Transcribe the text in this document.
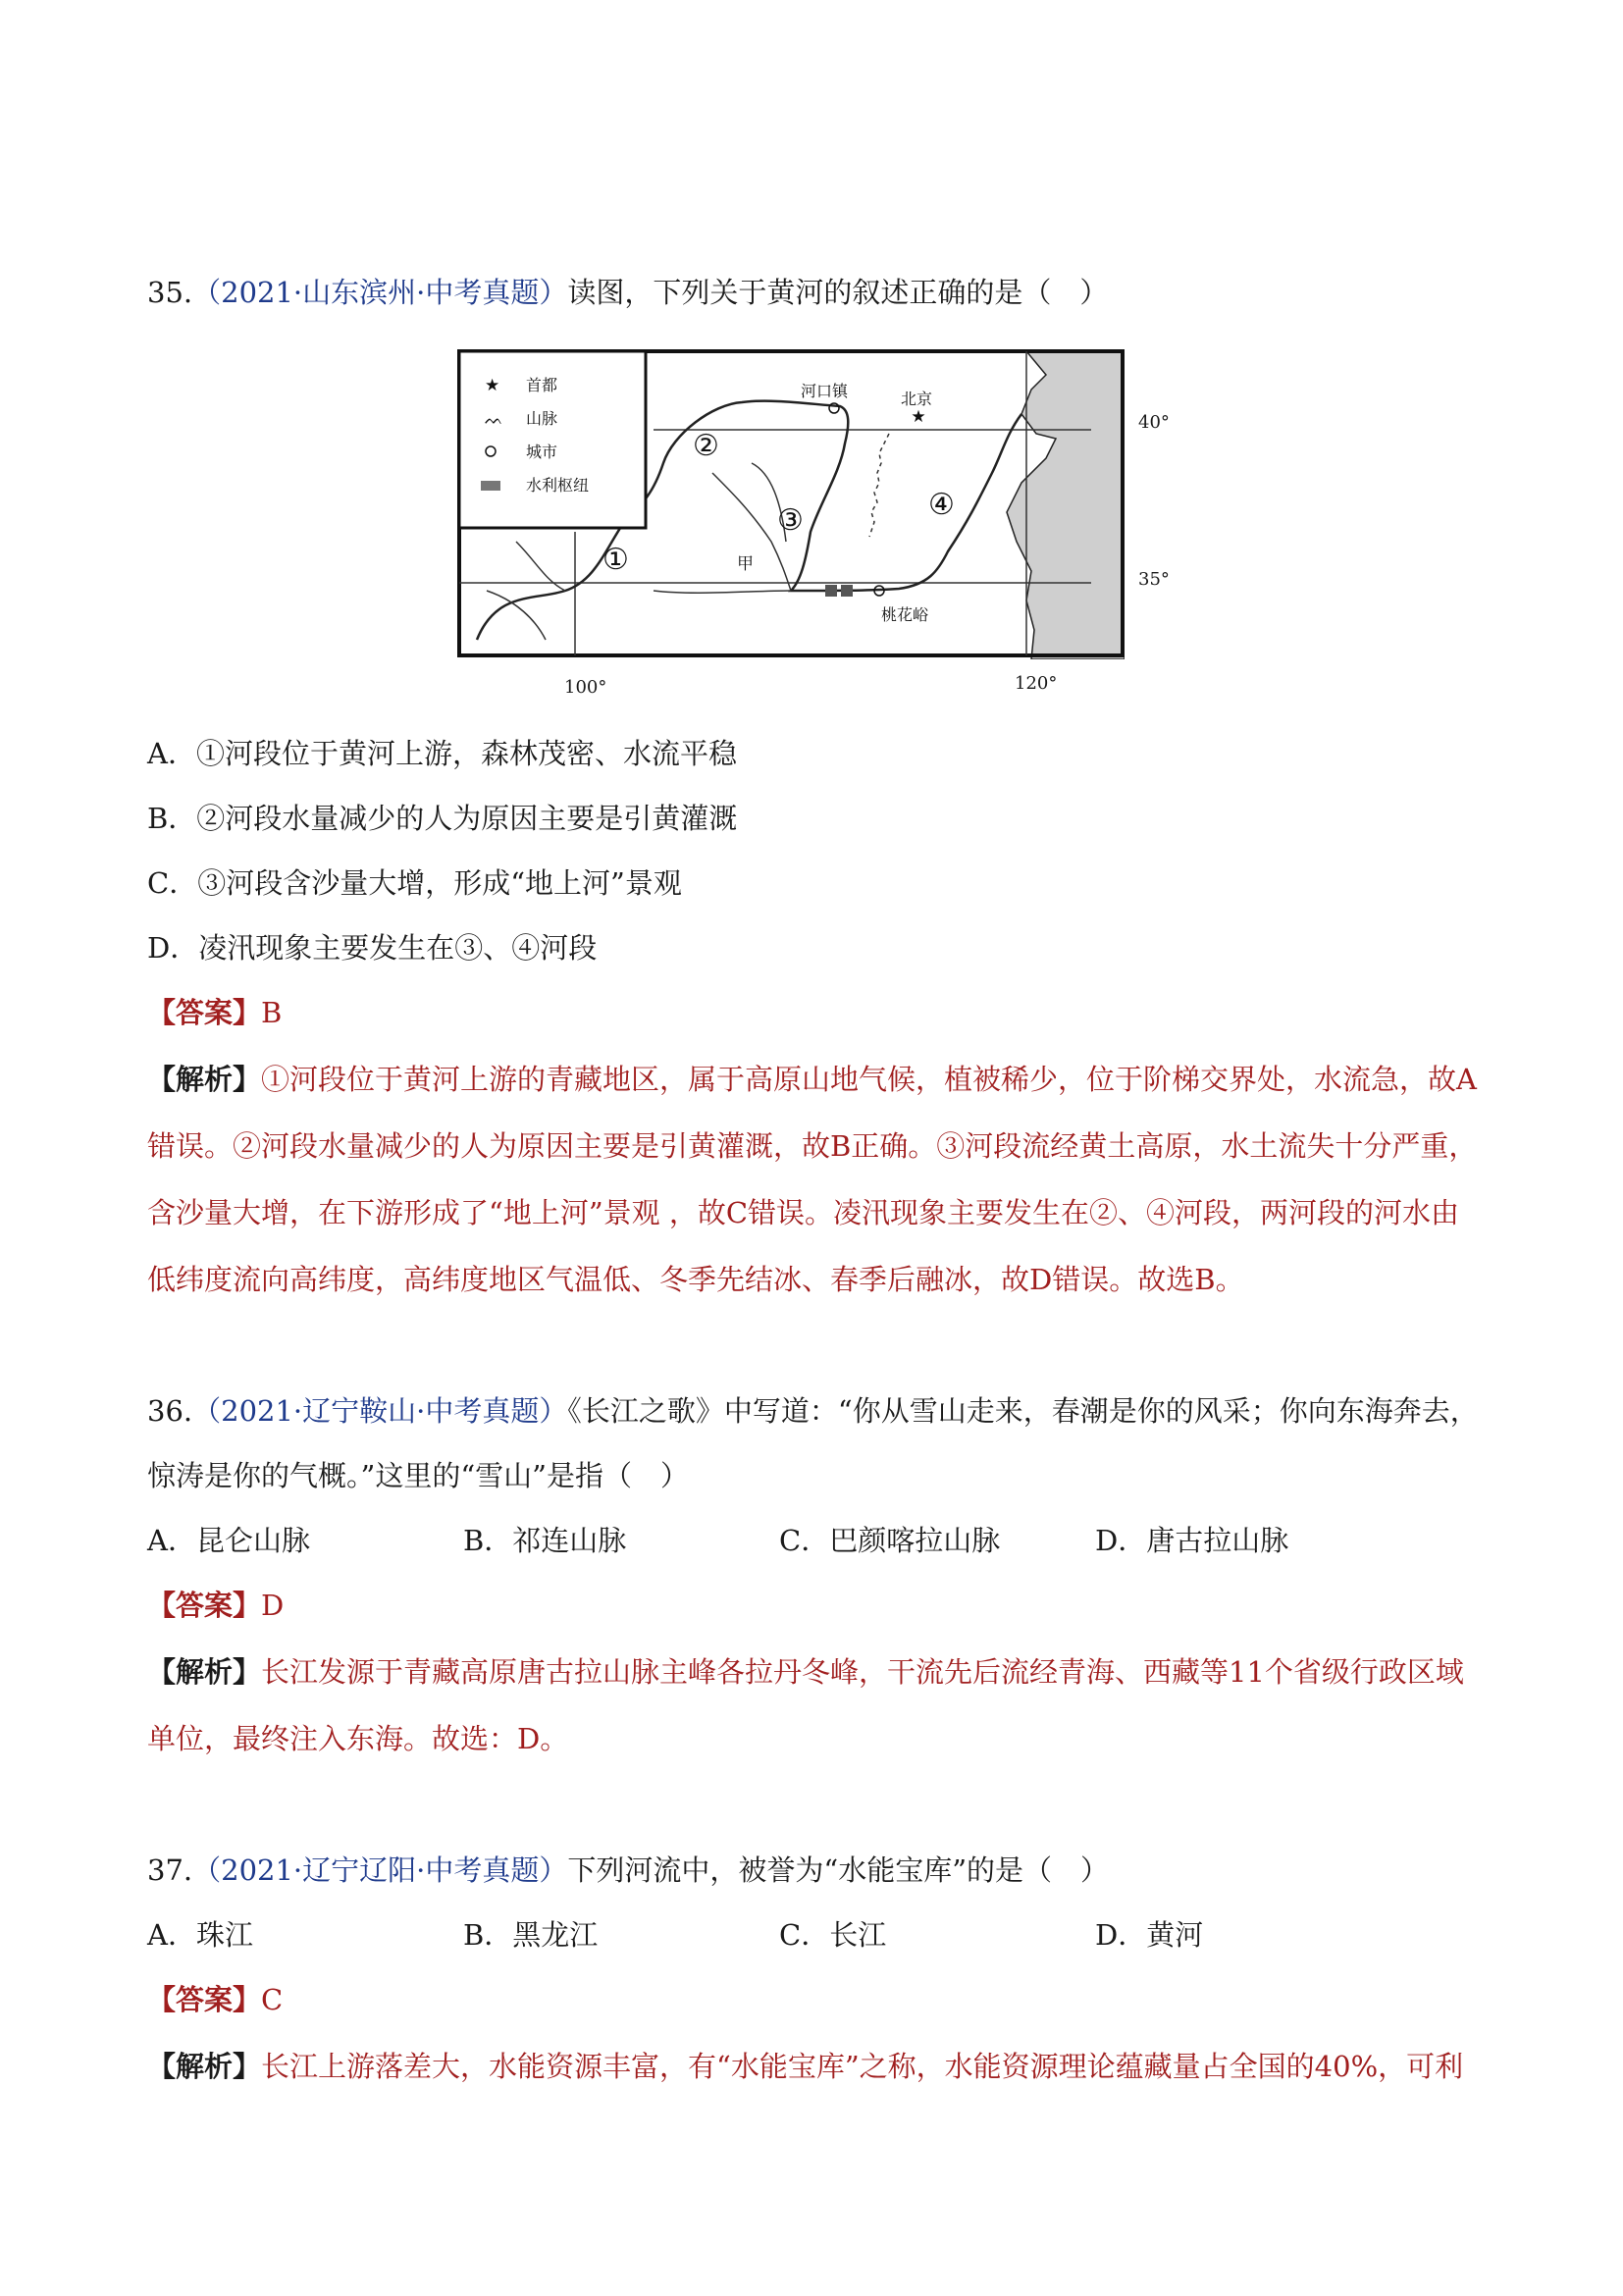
35.（2021·山东滨州·中考真题）读图，下列关于黄河的叙述正确的是（　）
★
★
ᨓ
首都
山脉
城市
水利枢纽
河口镇	北京
桃花峪
甲
①
②
③	④
40°
35°
100°	120°
A．①河段位于黄河上游，森林茂密、水流平稳
B．②河段水量减少的人为原因主要是引黄灌溉
C．③河段含沙量大增，形成“地上河”景观
D．凌汛现象主要发生在③、④河段
【答案】B
【解析】①河段位于黄河上游的青藏地区，属于高原山地气候，植被稀少，位于阶梯交界处，水流急，故A
错误。②河段水量减少的人为原因主要是引黄灌溉，故B正确。③河段流经黄土高原，水土流失十分严重，
含沙量大增，在下游形成了“地上河”景观 ，故C错误。凌汛现象主要发生在②、④河段，两河段的河水由
低纬度流向高纬度，高纬度地区气温低、冬季先结冰、春季后融冰，故D错误。故选B。
36.（2021·辽宁鞍山·中考真题）《长江之歌》中写道：“你从雪山走来，春潮是你的风采；你向东海奔去，
惊涛是你的气概。”这里的“雪山”是指（　）
A．昆仑山脉	B．祁连山脉	C．巴颜喀拉山脉	D．唐古拉山脉
【答案】D
【解析】长江发源于青藏高原唐古拉山脉主峰各拉丹冬峰，干流先后流经青海、西藏等11个省级行政区域
单位，最终注入东海。故选：D。
37.（2021·辽宁辽阳·中考真题）下列河流中，被誉为“水能宝库”的是（　）
A．珠江	B．黑龙江	C．长江	D．黄河
【答案】C
【解析】长江上游落差大，水能资源丰富，有“水能宝库”之称，水能资源理论蕴藏量占全国的40%，可利
